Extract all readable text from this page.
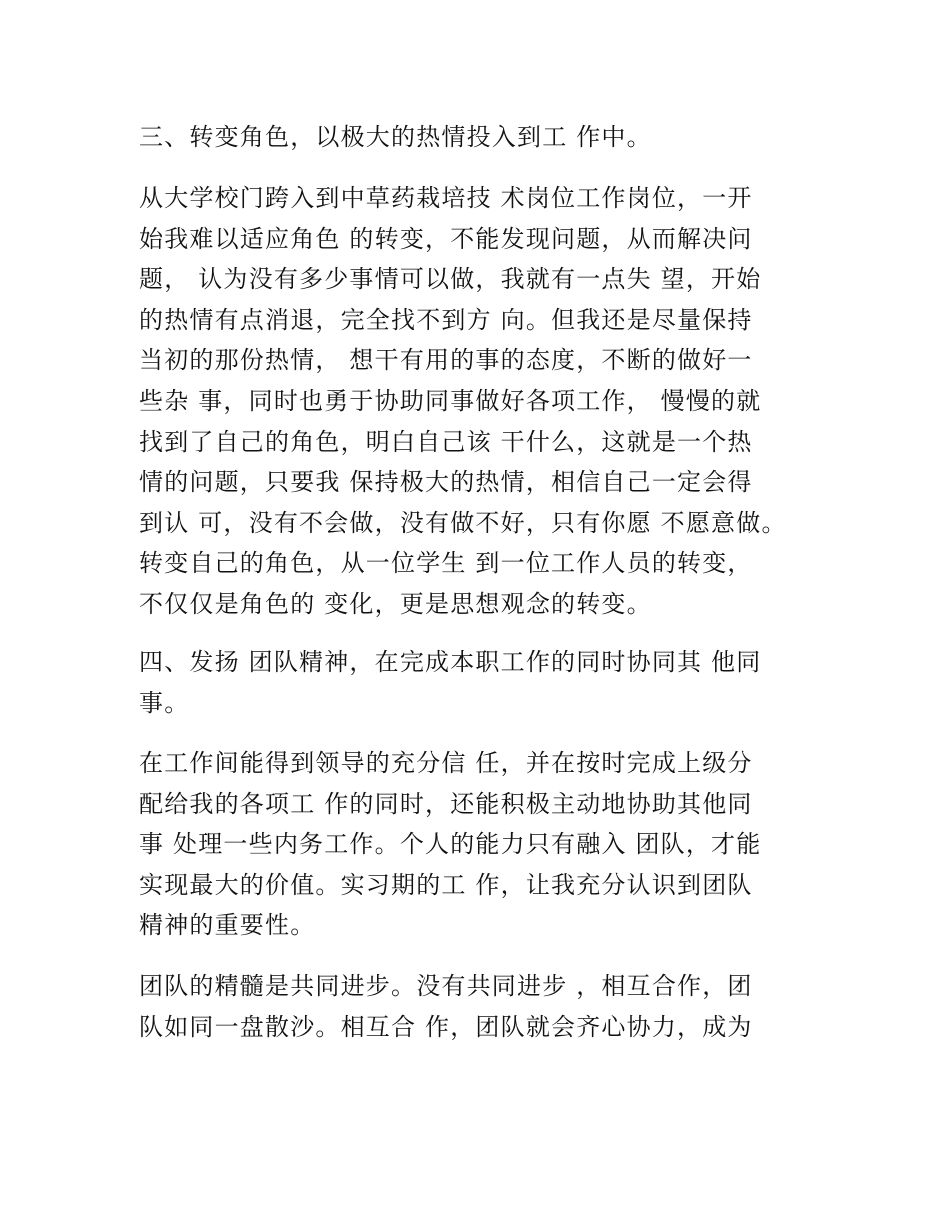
三、转变角色，以极大的热情投入到工 作中。
从大学校门跨入到中草药栽培技 术岗位工作岗位，一开
始我难以适应角色 的转变，不能发现问题，从而解决问
题， 认为没有多少事情可以做，我就有一点失 望，开始
的热情有点消退，完全找不到方 向。但我还是尽量保持
当初的那份热情， 想干有用的事的态度，不断的做好一
些杂 事，同时也勇于协助同事做好各项工作， 慢慢的就
找到了自己的角色，明白自己该 干什么，这就是一个热
情的问题，只要我 保持极大的热情，相信自己一定会得
到认 可，没有不会做，没有做不好，只有你愿 不愿意做。
转变自己的角色，从一位学生 到一位工作人员的转变，
不仅仅是角色的 变化，更是思想观念的转变。
四、发扬 团队精神，在完成本职工作的同时协同其 他同
事。
在工作间能得到领导的充分信 任，并在按时完成上级分
配给我的各项工 作的同时，还能积极主动地协助其他同
事 处理一些内务工作。个人的能力只有融入 团队，才能
实现最大的价值。实习期的工 作，让我充分认识到团队
精神的重要性。
团队的精髓是共同进步。没有共同进步 ，相互合作，团
队如同一盘散沙。相互合 作，团队就会齐心协力，成为
